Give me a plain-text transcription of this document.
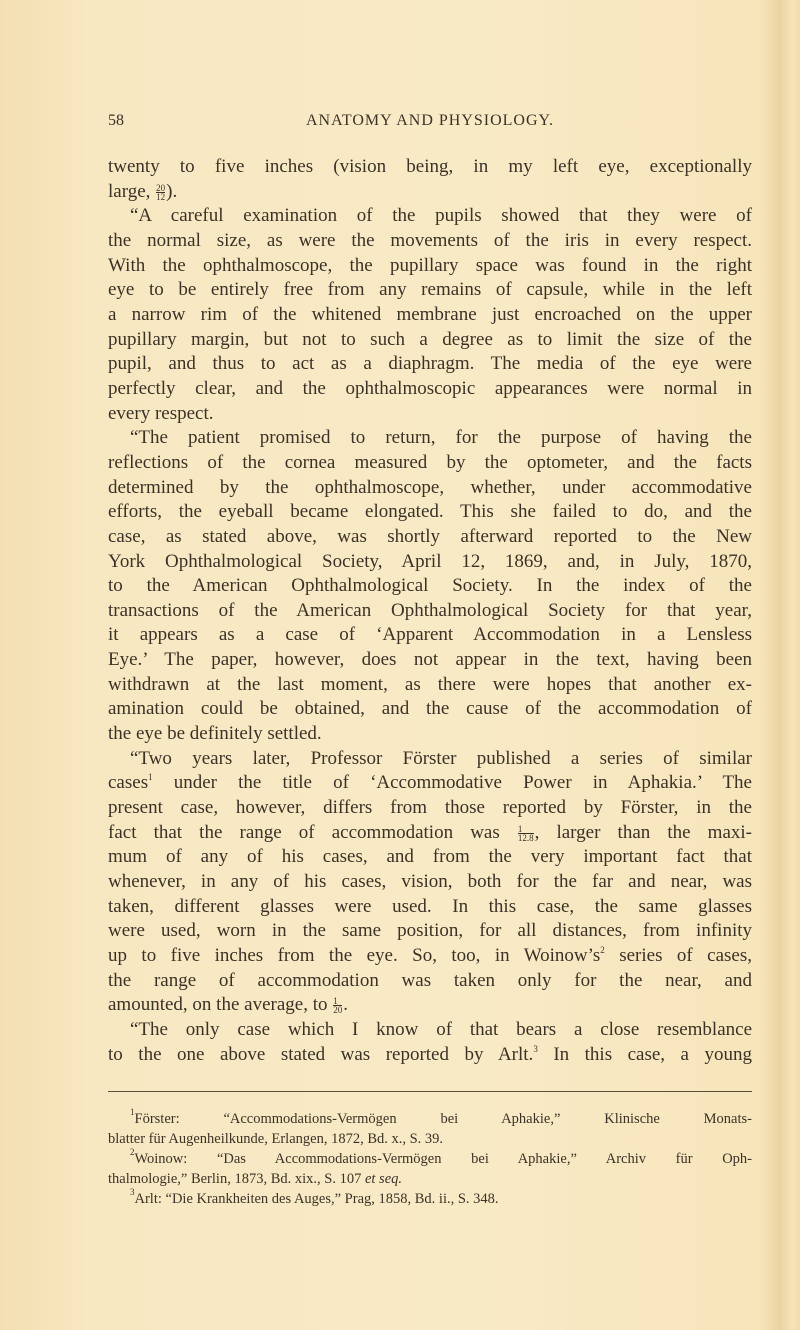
58	ANATOMY AND PHYSIOLOGY.
twenty to five inches (vision being, in my left eye, exceptionally
large, $\frac{20}{12}$ ).
“A careful examination of the pupils showed that they were of
the normal size, as were the movements of the iris in every respect.
With the ophthalmoscope, the pupillary space was found in the right
eye to be entirely free from any remains of capsule, while in the left
a narrow rim of the whitened membrane just encroached on the upper
pupillary margin, but not to such a degree as to limit the size of the
pupil, and thus to act as a diaphragm. The media of the eye were
perfectly clear, and the ophthalmoscopic appearances were normal in
every respect.
“The patient promised to return, for the purpose of having the
reflections of the cornea measured by the optometer, and the facts
determined by the ophthalmoscope, whether, under accommodative
efforts, the eyeball became elongated. This she failed to do, and the
case, as stated above, was shortly afterward reported to the New
York Ophthalmological Society, April 12, 1869, and, in July, 1870,
to the American Ophthalmological Society. In the index of the
transactions of the American Ophthalmological Society for that year,
it appears as a case of ‘Apparent Accommodation in a Lensless
Eye.’ The paper, however, does not appear in the text, having been
withdrawn at the last moment, as there were hopes that another ex-
amination could be obtained, and the cause of the accommodation of
the eye be definitely settled.
“Two years later, Professor Förster published a series of similar
cases$^1$ under the title of ‘Accommodative Power in Aphakia.’ The
present case, however, differs from those reported by Förster, in the
fact that the range of accommodation was $\frac{1}{12.8}$ , larger than the maxi-
mum of any of his cases, and from the very important fact that
whenever, in any of his cases, vision, both for the far and near, was
taken, different glasses were used. In this case, the same glasses
were used, worn in the same position, for all distances, from infinity
up to five inches from the eye. So, too, in $Woinow’s^2$ series of cases,
the range of accommodation was taken only for the near, and
amounted, on the average, to $\frac{1}{20}$ .
“The only case which I know of that bears a close resemblance
to the one above stated was reported by Arlt.$^3$ In this case, a young
$^1$Förster: “Accommodations-Vermögen bei Aphakie,” Klinische Monats-
blatter für Augenheilkunde, Erlangen, 1872, Bd. x., S. 39.
$^2$Woinow: “Das Accommodations-Vermögen bei Aphakie,” Archiv für Oph-
thalmologie,” Berlin, 1873, Bd. xix., S. 107 et seq.
$^3$Arlt: “Die Krankheiten des Auges,” Prag, 1858, Bd. ii., S. 348.
